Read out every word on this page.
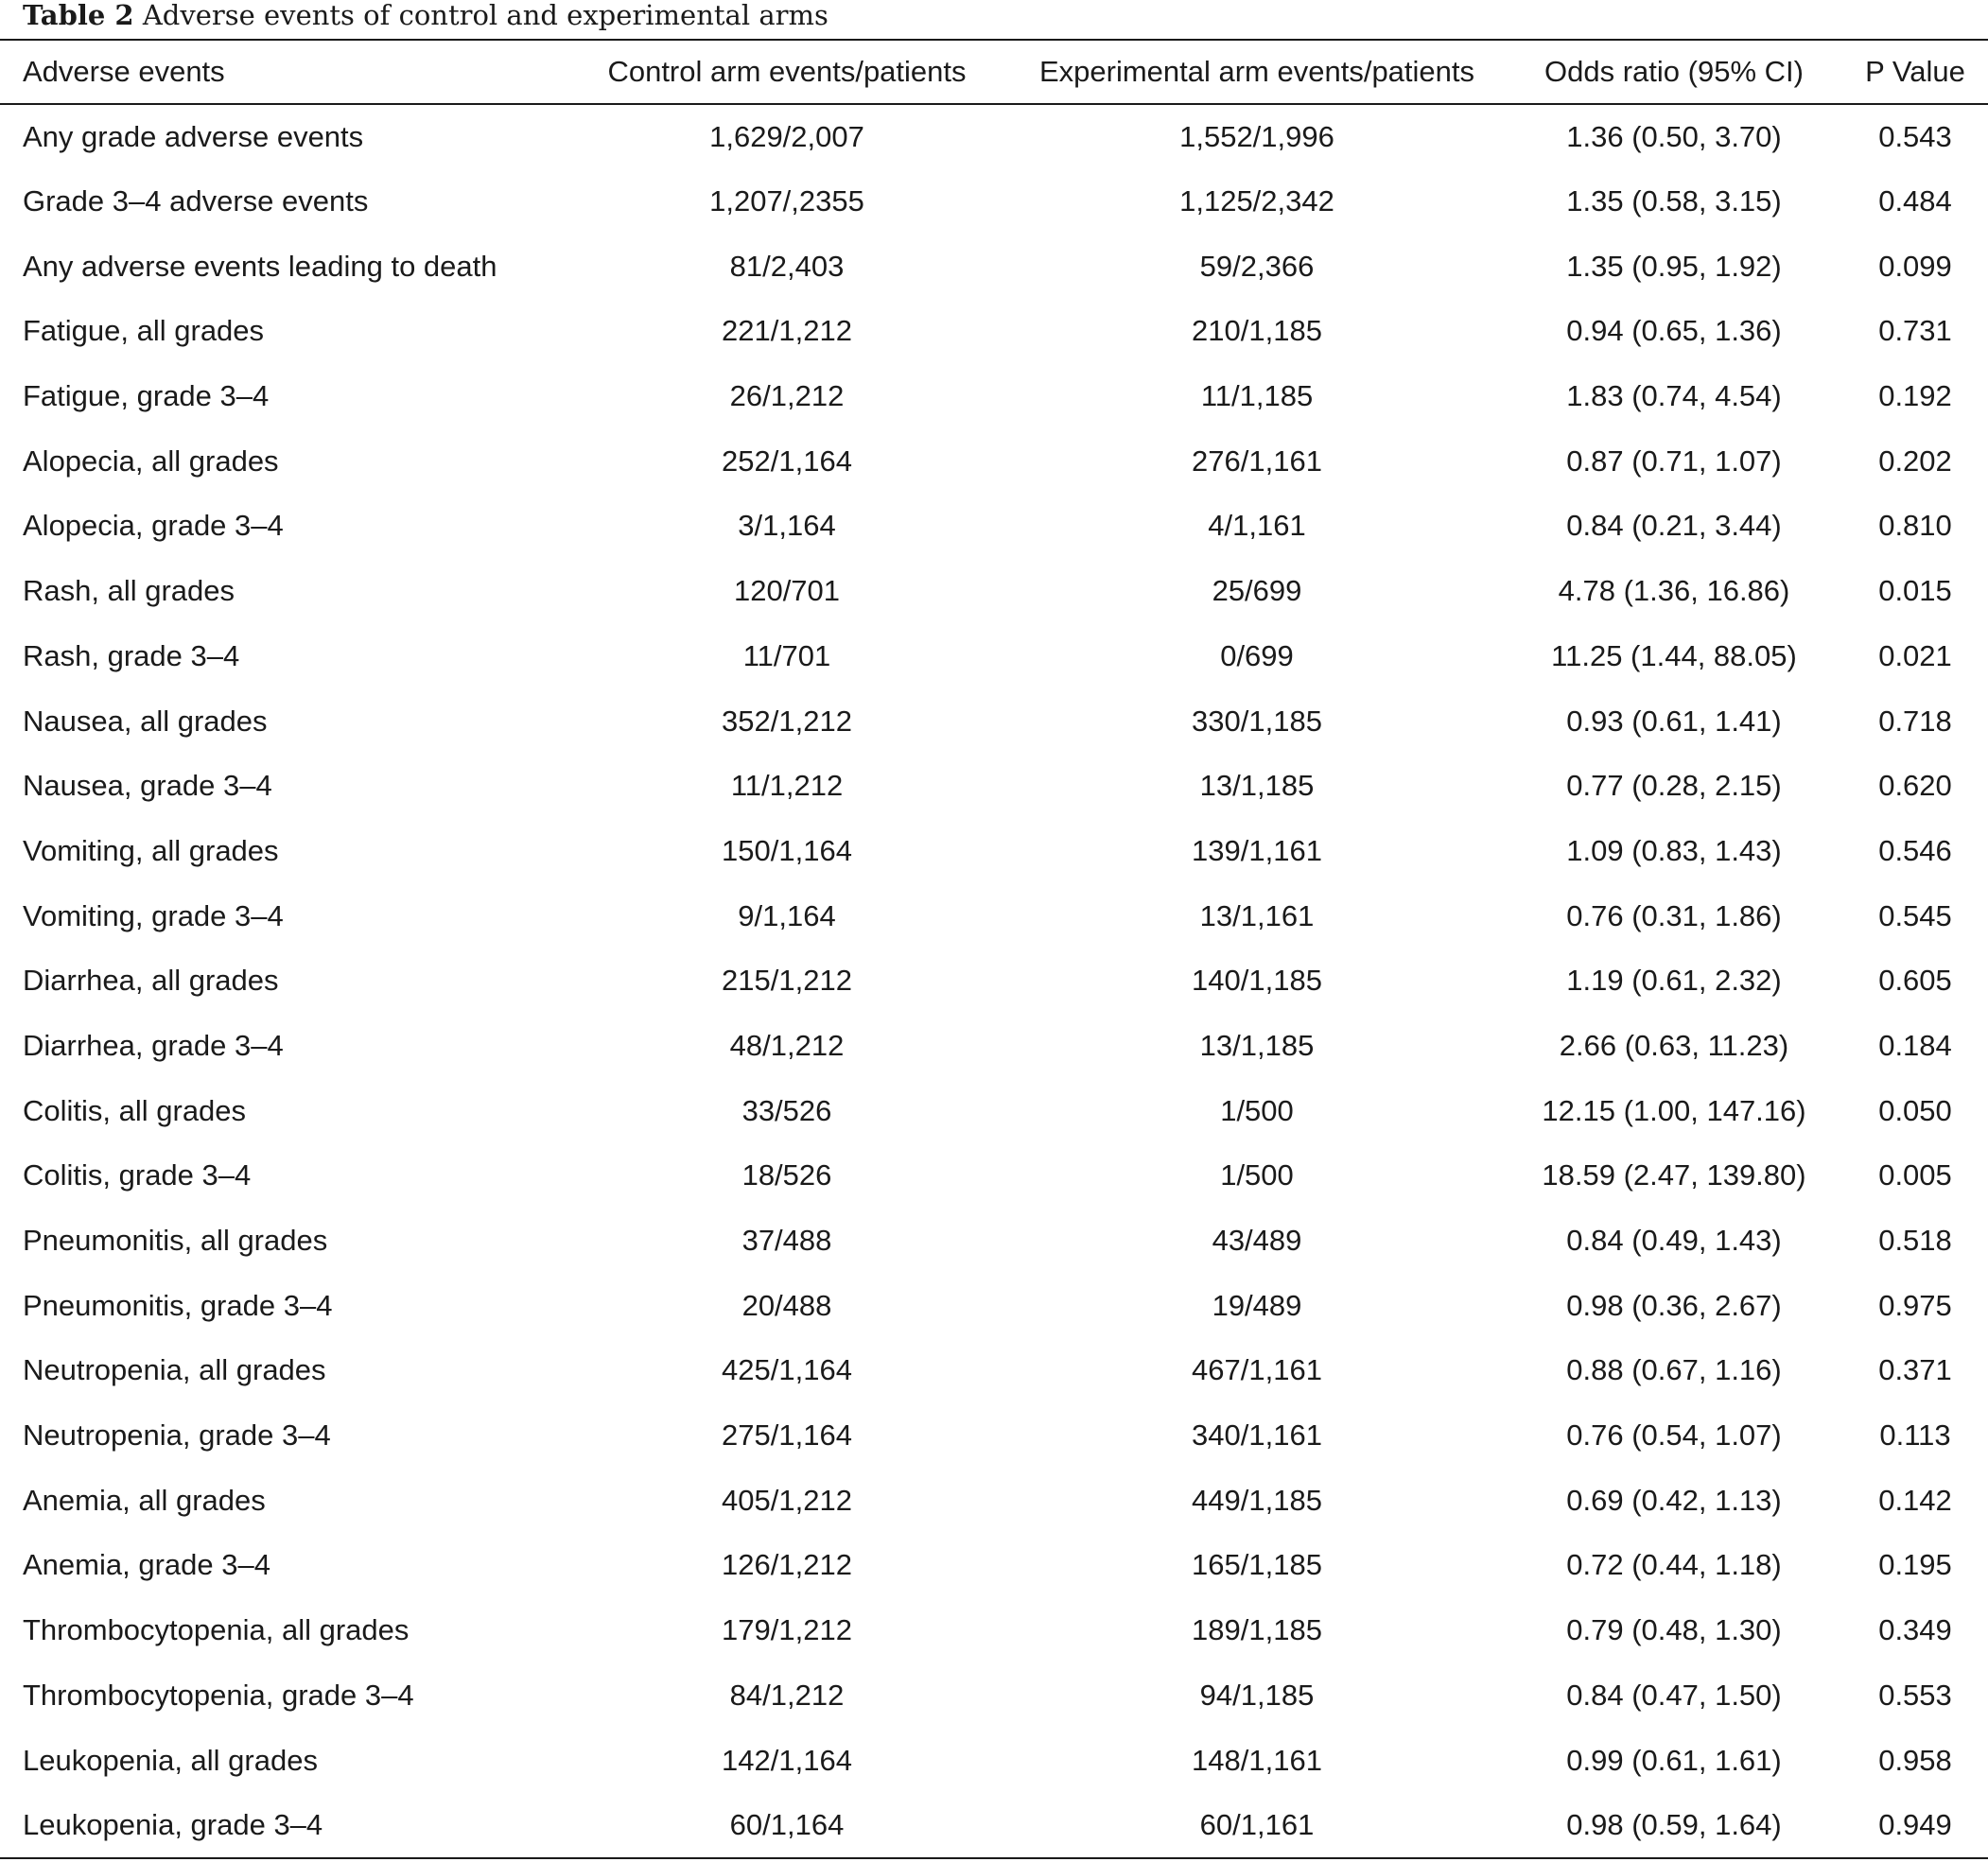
Table 2 Adverse events of control and experimental arms
Adverse events	Control arm events/patients	Experimental arm events/patients	Odds ratio (95% CI)	P Value
Any grade adverse events	1,629/2,007	1,552/1,996	1.36 (0.50, 3.70)	0.543
Grade 3–4 adverse events	1,207/,2355	1,125/2,342	1.35 (0.58, 3.15)	0.484
Any adverse events leading to death	81/2,403	59/2,366	1.35 (0.95, 1.92)	0.099
Fatigue, all grades	221/1,212	210/1,185	0.94 (0.65, 1.36)	0.731
Fatigue, grade 3–4	26/1,212	11/1,185	1.83 (0.74, 4.54)	0.192
Alopecia, all grades	252/1,164	276/1,161	0.87 (0.71, 1.07)	0.202
Alopecia, grade 3–4	3/1,164	4/1,161	0.84 (0.21, 3.44)	0.810
Rash, all grades	120/701	25/699	4.78 (1.36, 16.86)	0.015
Rash, grade 3–4	11/701	0/699	11.25 (1.44, 88.05)	0.021
Nausea, all grades	352/1,212	330/1,185	0.93 (0.61, 1.41)	0.718
Nausea, grade 3–4	11/1,212	13/1,185	0.77 (0.28, 2.15)	0.620
Vomiting, all grades	150/1,164	139/1,161	1.09 (0.83, 1.43)	0.546
Vomiting, grade 3–4	9/1,164	13/1,161	0.76 (0.31, 1.86)	0.545
Diarrhea, all grades	215/1,212	140/1,185	1.19 (0.61, 2.32)	0.605
Diarrhea, grade 3–4	48/1,212	13/1,185	2.66 (0.63, 11.23)	0.184
Colitis, all grades	33/526	1/500	12.15 (1.00, 147.16)	0.050
Colitis, grade 3–4	18/526	1/500	18.59 (2.47, 139.80)	0.005
Pneumonitis, all grades	37/488	43/489	0.84 (0.49, 1.43)	0.518
Pneumonitis, grade 3–4	20/488	19/489	0.98 (0.36, 2.67)	0.975
Neutropenia, all grades	425/1,164	467/1,161	0.88 (0.67, 1.16)	0.371
Neutropenia, grade 3–4	275/1,164	340/1,161	0.76 (0.54, 1.07)	0.113
Anemia, all grades	405/1,212	449/1,185	0.69 (0.42, 1.13)	0.142
Anemia, grade 3–4	126/1,212	165/1,185	0.72 (0.44, 1.18)	0.195
Thrombocytopenia, all grades	179/1,212	189/1,185	0.79 (0.48, 1.30)	0.349
Thrombocytopenia, grade 3–4	84/1,212	94/1,185	0.84 (0.47, 1.50)	0.553
Leukopenia, all grades	142/1,164	148/1,161	0.99 (0.61, 1.61)	0.958
Leukopenia, grade 3–4	60/1,164	60/1,161	0.98 (0.59, 1.64)	0.949
